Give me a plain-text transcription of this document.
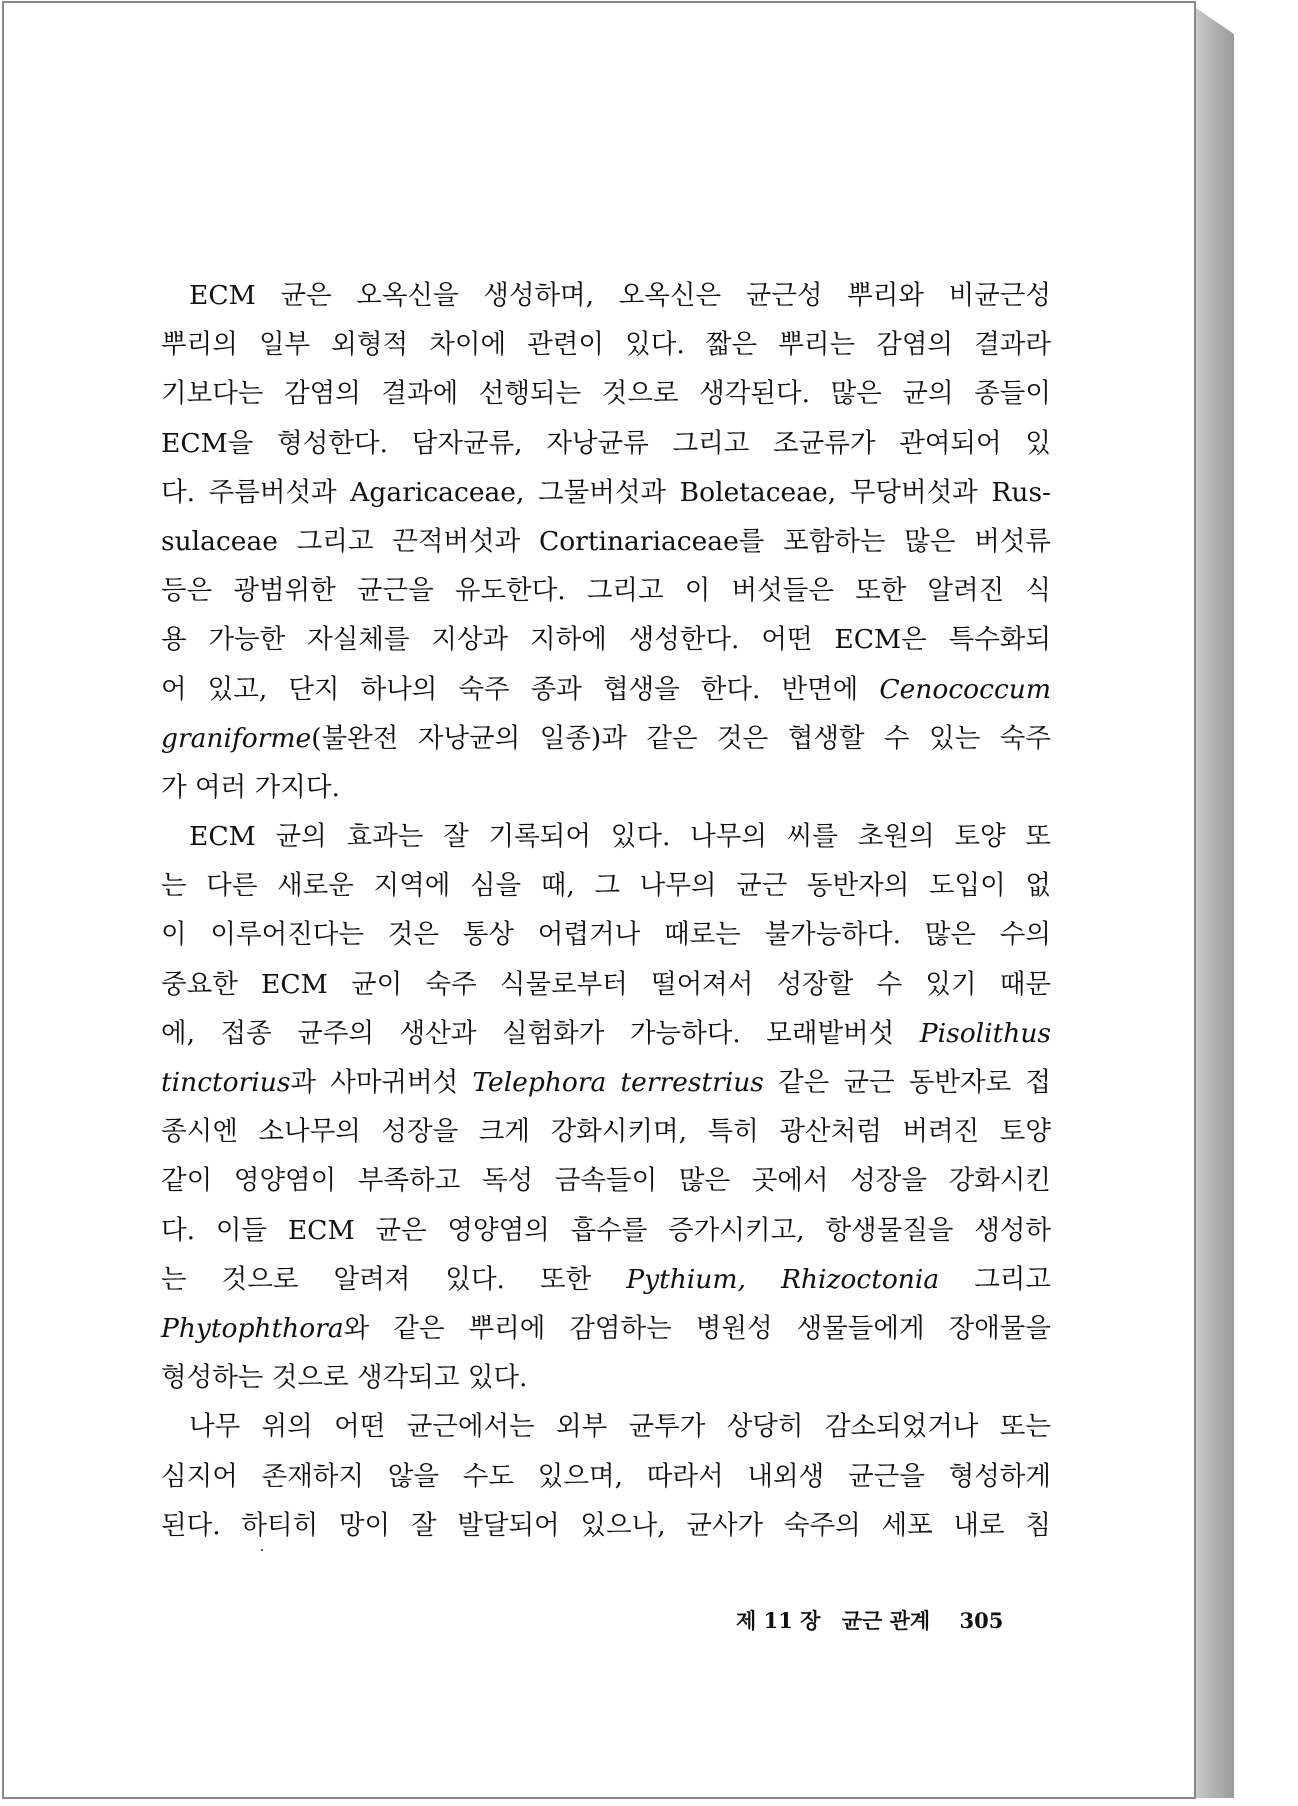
ECM 균은 오옥신을 생성하며, 오옥신은 균근성 뿌리와 비균근성
뿌리의 일부 외형적 차이에 관련이 있다. 짧은 뿌리는 감염의 결과라
기보다는 감염의 결과에 선행되는 것으로 생각된다. 많은 균의 종들이
ECM을 형성한다. 담자균류, 자낭균류 그리고 조균류가 관여되어 있
다. 주름버섯과 Agaricaceae, 그물버섯과 Boletaceae, 무당버섯과 Rus-
sulaceae 그리고 끈적버섯과 Cortinariaceae를 포함하는 많은 버섯류
등은 광범위한 균근을 유도한다. 그리고 이 버섯들은 또한 알려진 식
용 가능한 자실체를 지상과 지하에 생성한다. 어떤 ECM은 특수화되
어 있고, 단지 하나의 숙주 종과 협생을 한다. 반면에 Cenococcum
graniforme(불완전 자낭균의 일종)과 같은 것은 협생할 수 있는 숙주
가 여러 가지다.

ECM 균의 효과는 잘 기록되어 있다. 나무의 씨를 초원의 토양 또
는 다른 새로운 지역에 심을 때, 그 나무의 균근 동반자의 도입이 없
이 이루어진다는 것은 통상 어렵거나 때로는 불가능하다. 많은 수의
중요한 ECM 균이 숙주 식물로부터 떨어져서 성장할 수 있기 때문
에, 접종 균주의 생산과 실험화가 가능하다. 모래밭버섯 Pisolithus
tinctorius과 사마귀버섯 Telephora terrestrius 같은 균근 동반자로 접
종시엔 소나무의 성장을 크게 강화시키며, 특히 광산처럼 버려진 토양
같이 영양염이 부족하고 독성 금속들이 많은 곳에서 성장을 강화시킨
다. 이들 ECM 균은 영양염의 흡수를 증가시키고, 항생물질을 생성하
는 것으로 알려져 있다. 또한 Pythium, Rhizoctonia 그리고
Phytophthora와 같은 뿌리에 감염하는 병원성 생물들에게 장애물을
형성하는 것으로 생각되고 있다.

나무 위의 어떤 균근에서는 외부 균투가 상당히 감소되었거나 또는
심지어 존재하지 않을 수도 있으며, 따라서 내외생 균근을 형성하게
된다. 하티히 망이 잘 발달되어 있으나, 균사가 숙주의 세포 내로 침

제 11 장 균근 관계 305
